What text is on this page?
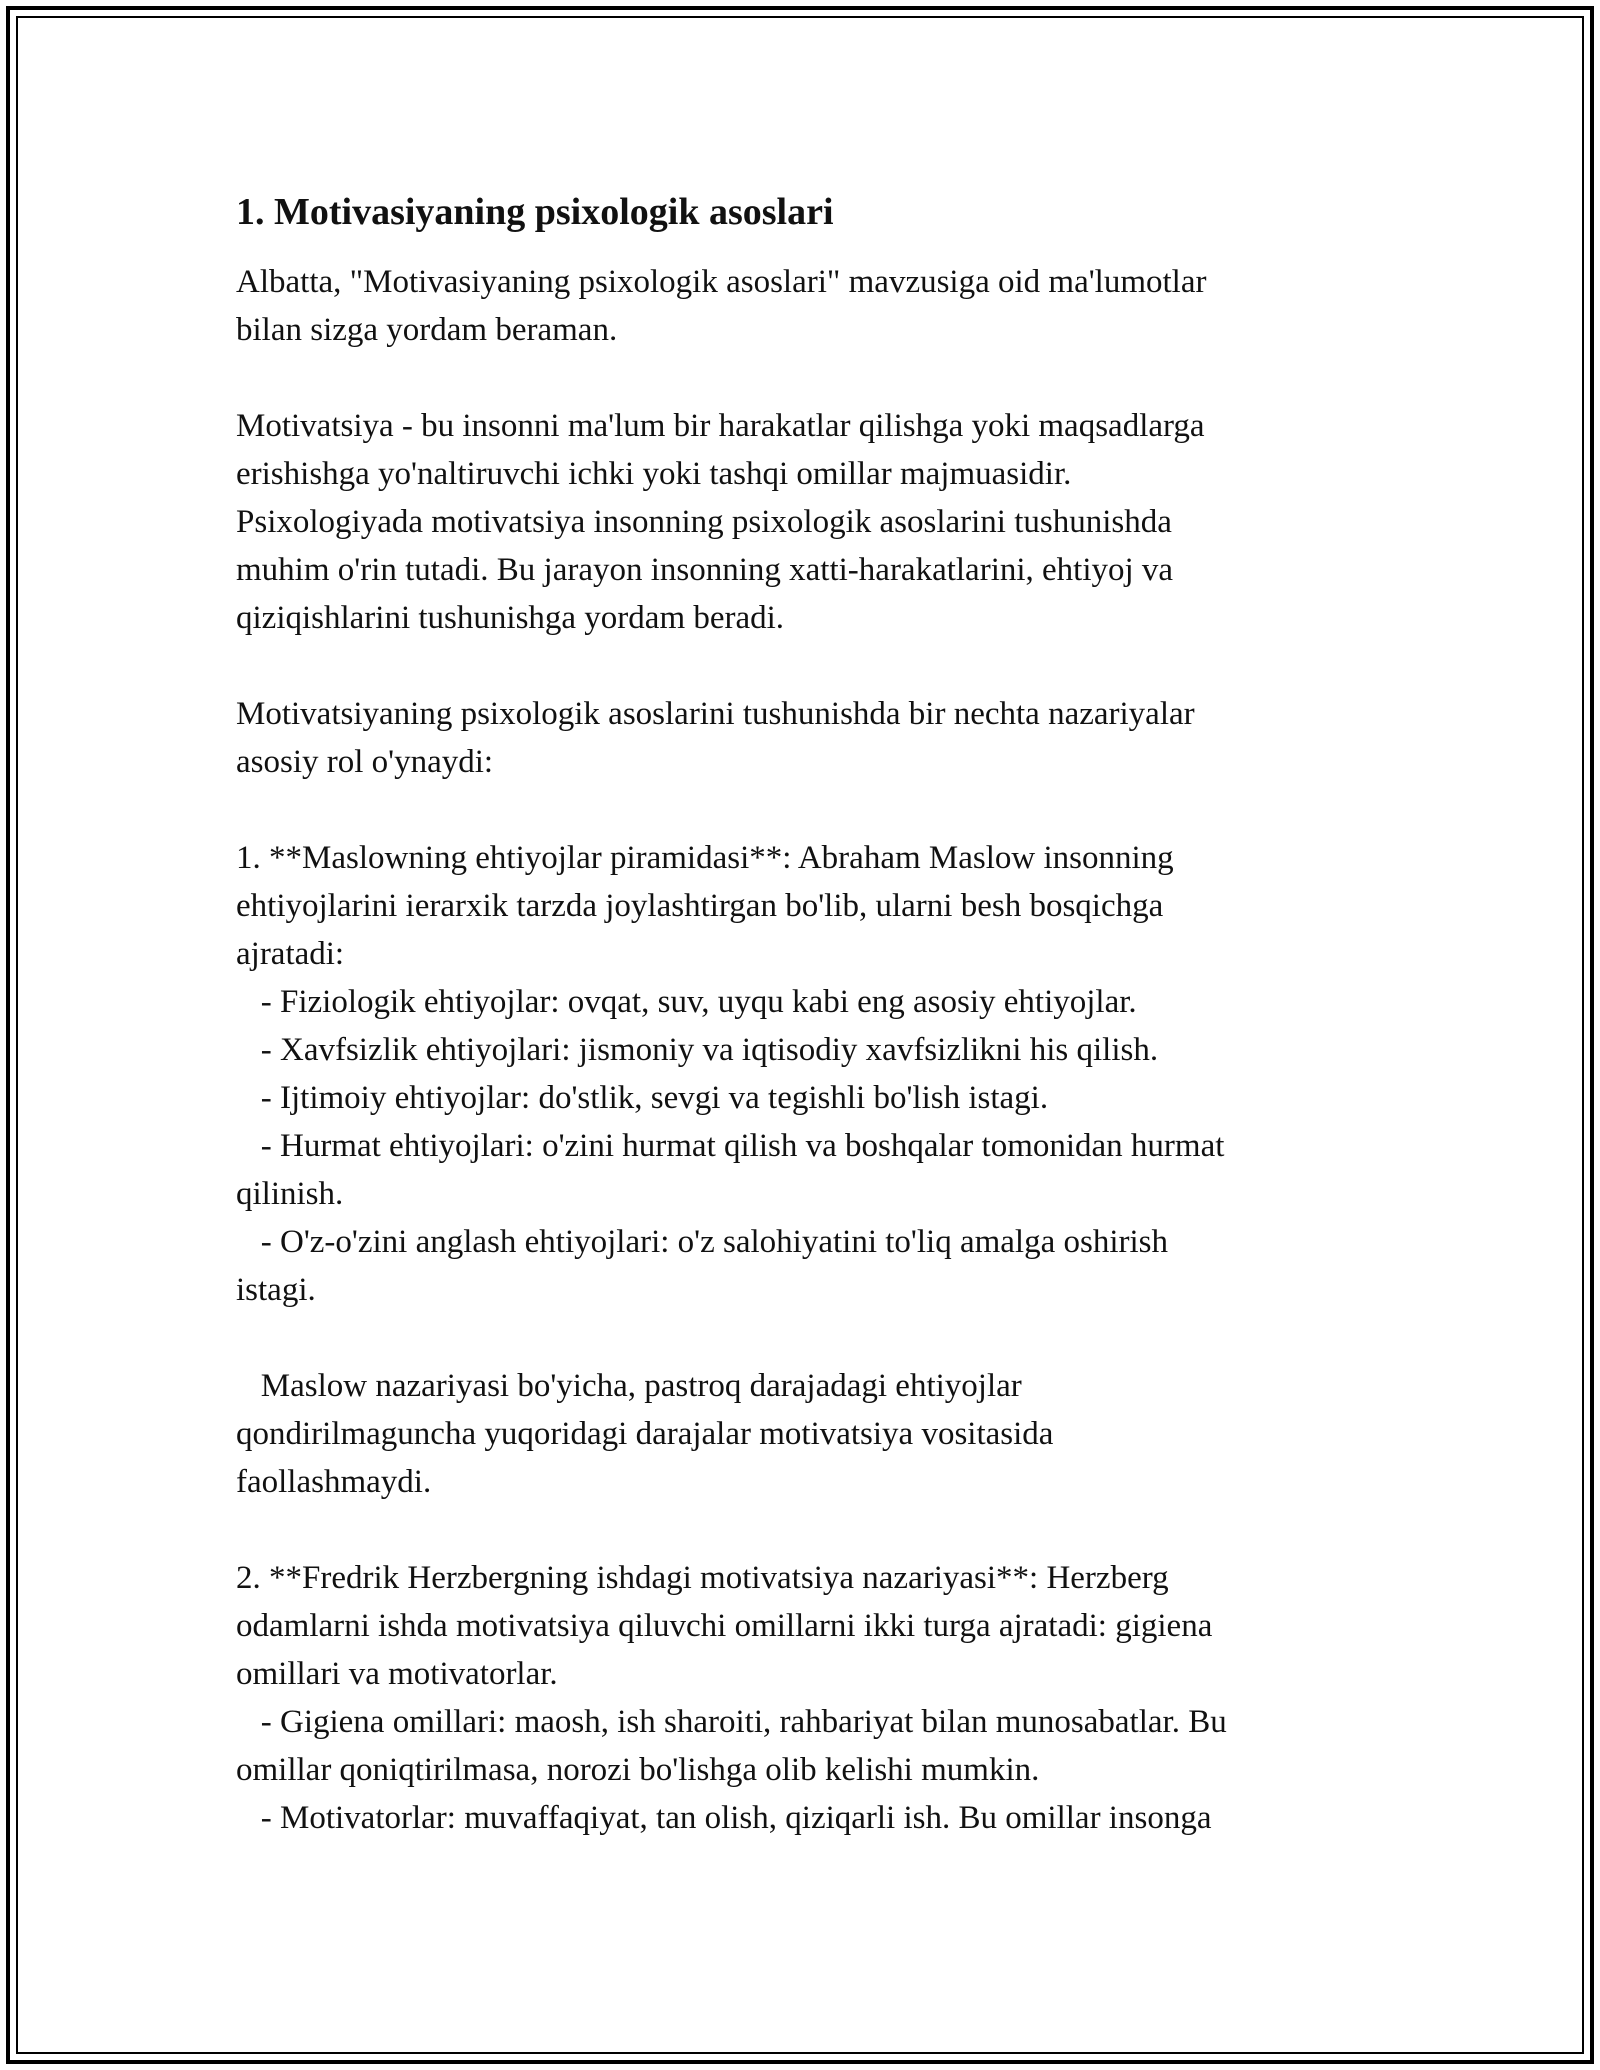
1. Motivasiyaning psixologik asoslari

Albatta, "Motivasiyaning psixologik asoslari" mavzusiga oid ma'lumotlar

bilan sizga yordam beraman.

Motivatsiya - bu insonni ma'lum bir harakatlar qilishga yoki maqsadlarga

erishishga yo'naltiruvchi ichki yoki tashqi omillar majmuasidir.

Psixologiyada motivatsiya insonning psixologik asoslarini tushunishda

muhim o'rin tutadi. Bu jarayon insonning xatti-harakatlarini, ehtiyoj va

qiziqishlarini tushunishga yordam beradi.

Motivatsiyaning psixologik asoslarini tushunishda bir nechta nazariyalar

asosiy rol o'ynaydi:

1. **Maslowning ehtiyojlar piramidasi**: Abraham Maslow insonning

ehtiyojlarini ierarxik tarzda joylashtirgan bo'lib, ularni besh bosqichga

ajratadi:

- Fiziologik ehtiyojlar: ovqat, suv, uyqu kabi eng asosiy ehtiyojlar.

- Xavfsizlik ehtiyojlari: jismoniy va iqtisodiy xavfsizlikni his qilish.

- Ijtimoiy ehtiyojlar: do'stlik, sevgi va tegishli bo'lish istagi.

- Hurmat ehtiyojlari: o'zini hurmat qilish va boshqalar tomonidan hurmat

qilinish.

- O'z-o'zini anglash ehtiyojlari: o'z salohiyatini to'liq amalga oshirish

istagi.

Maslow nazariyasi bo'yicha, pastroq darajadagi ehtiyojlar

qondirilmaguncha yuqoridagi darajalar motivatsiya vositasida

faollashmaydi.

2. **Fredrik Herzbergning ishdagi motivatsiya nazariyasi**: Herzberg

odamlarni ishda motivatsiya qiluvchi omillarni ikki turga ajratadi: gigiena

omillari va motivatorlar.

- Gigiena omillari: maosh, ish sharoiti, rahbariyat bilan munosabatlar. Bu

omillar qoniqtirilmasa, norozi bo'lishga olib kelishi mumkin.

- Motivatorlar: muvaffaqiyat, tan olish, qiziqarli ish. Bu omillar insonga
